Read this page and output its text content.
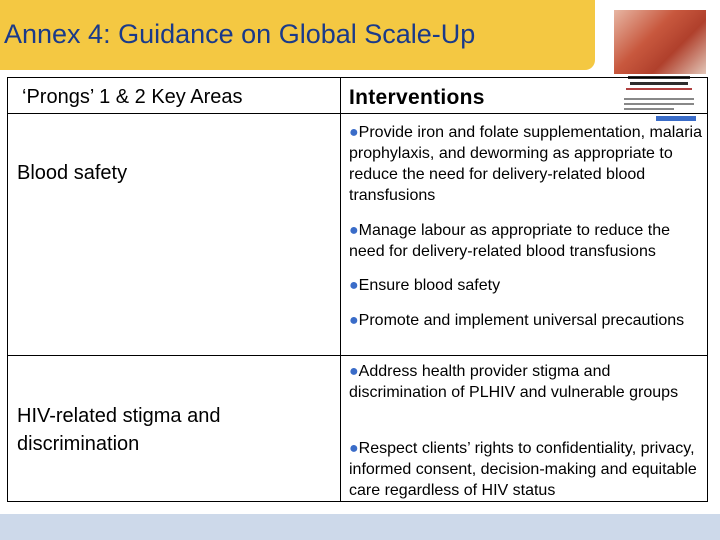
Annex 4: Guidance on Global Scale-Up
‘Prongs’ 1 & 2 Key Areas	Interventions
Blood safety
HIV-related stigma and discrimination
●Provide iron and folate supplementation, malaria prophylaxis, and deworming as appropriate to reduce the need for delivery-related blood transfusions
●Manage labour as appropriate to reduce the need for delivery-related blood transfusions
●Ensure blood safety
●Promote and implement universal precautions
●Address health provider stigma and discrimination of PLHIV and vulnerable groups
●Respect clients’ rights to confidentiality, privacy, informed consent, decision-making and equitable care regardless of HIV status
